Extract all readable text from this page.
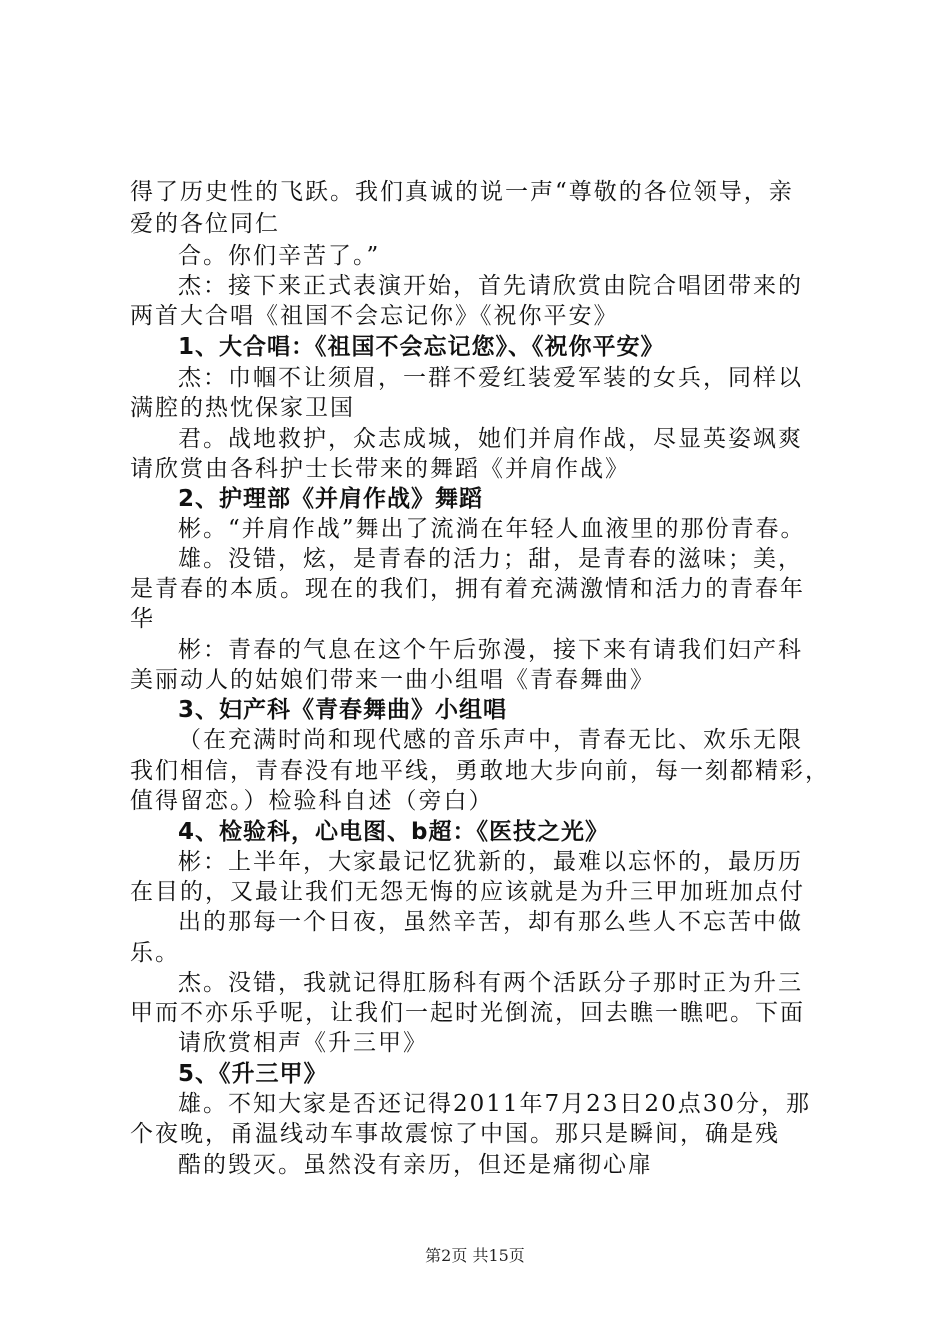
得了历史性的飞跃。我们真诚的说一声“尊敬的各位领导，亲
爱的各位同仁
合。你们辛苦了。”
杰：接下来正式表演开始，首先请欣赏由院合唱团带来的
两首大合唱《祖国不会忘记你》《祝你平安》
1、大合唱：《祖国不会忘记您》、《祝你平安》
杰：巾帼不让须眉，一群不爱红装爱军装的女兵，同样以
满腔的热忱保家卫国
君。战地救护，众志成城，她们并肩作战，尽显英姿飒爽
请欣赏由各科护士长带来的舞蹈《并肩作战》
2、护理部《并肩作战》舞蹈
彬。“并肩作战”舞出了流淌在年轻人血液里的那份青春。
雄。没错，炫，是青春的活力；甜，是青春的滋味；美，
是青春的本质。现在的我们，拥有着充满激情和活力的青春年
华
彬：青春的气息在这个午后弥漫，接下来有请我们妇产科
美丽动人的姑娘们带来一曲小组唱《青春舞曲》
3、妇产科《青春舞曲》小组唱
（在充满时尚和现代感的音乐声中，青春无比、欢乐无限
我们相信，青春没有地平线，勇敢地大步向前，每一刻都精彩，
值得留恋。）检验科自述（旁白）
4、检验科，心电图、b超：《医技之光》
彬：上半年，大家最记忆犹新的，最难以忘怀的，最历历
在目的，又最让我们无怨无悔的应该就是为升三甲加班加点付
出的那每一个日夜，虽然辛苦，却有那么些人不忘苦中做
乐。
杰。没错，我就记得肛肠科有两个活跃分子那时正为升三
甲而不亦乐乎呢，让我们一起时光倒流，回去瞧一瞧吧。下面
请欣赏相声《升三甲》
5、《升三甲》
雄。不知大家是否还记得2011年7月23日20点30分，那
个夜晚，甬温线动车事故震惊了中国。那只是瞬间，确是残
酷的毁灭。虽然没有亲历，但还是痛彻心扉
第2页 共15页
